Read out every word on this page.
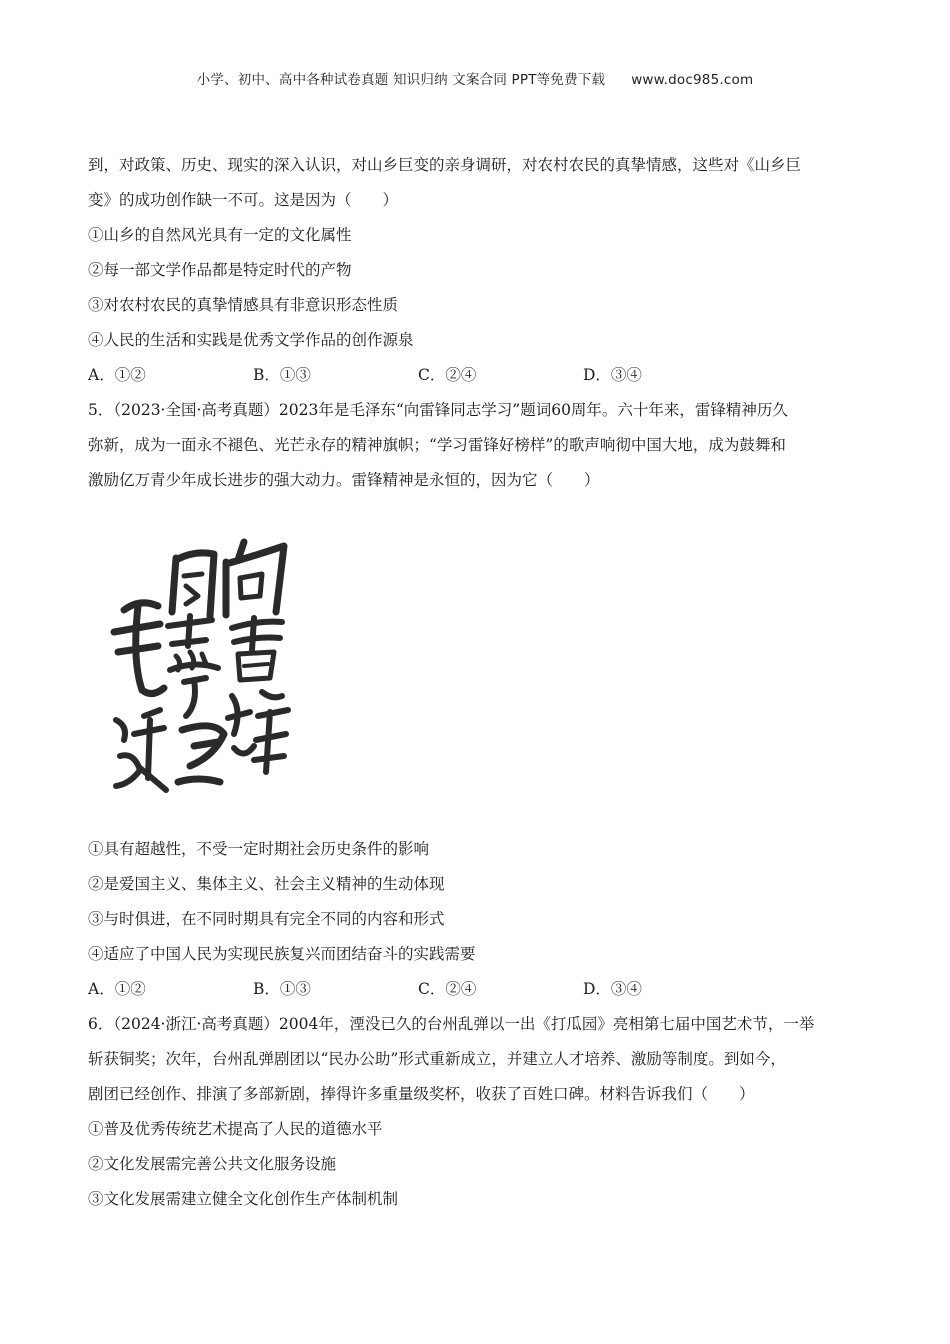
小学、初中、高中各种试卷真题 知识归纳 文案合同 PPT等免费下载 www.doc985.com
到，对政策、历史、现实的深入认识，对山乡巨变的亲身调研，对农村农民的真挚情感，这些对《山乡巨
变》的成功创作缺一不可。这是因为（　　）
①山乡的自然风光具有一定的文化属性
②每一部文学作品都是特定时代的产物
③对农村农民的真挚情感具有非意识形态性质
④人民的生活和实践是优秀文学作品的创作源泉
A．①②	B．①③	C．②④	D．③④
5．（2023·全国·高考真题）2023年是毛泽东“向雷锋同志学习”题词60周年。六十年来，雷锋精神历久
弥新，成为一面永不褪色、光芒永存的精神旗帜；“学习雷锋好榜样”的歌声响彻中国大地，成为鼓舞和
激励亿万青少年成长进步的强大动力。雷锋精神是永恒的，因为它（　　）
①具有超越性，不受一定时期社会历史条件的影响
②是爱国主义、集体主义、社会主义精神的生动体现
③与时俱进，在不同时期具有完全不同的内容和形式
④适应了中国人民为实现民族复兴而团结奋斗的实践需要
A．①②	B．①③	C．②④	D．③④
6．（2024·浙江·高考真题）2004年，湮没已久的台州乱弹以一出《打瓜园》亮相第七届中国艺术节，一举
斩获铜奖；次年，台州乱弹剧团以“民办公助”形式重新成立，并建立人才培养、激励等制度。到如今，
剧团已经创作、排演了多部新剧，捧得许多重量级奖杯，收获了百姓口碑。材料告诉我们（　　）
①普及优秀传统艺术提高了人民的道德水平
②文化发展需完善公共文化服务设施
③文化发展需建立健全文化创作生产体制机制
